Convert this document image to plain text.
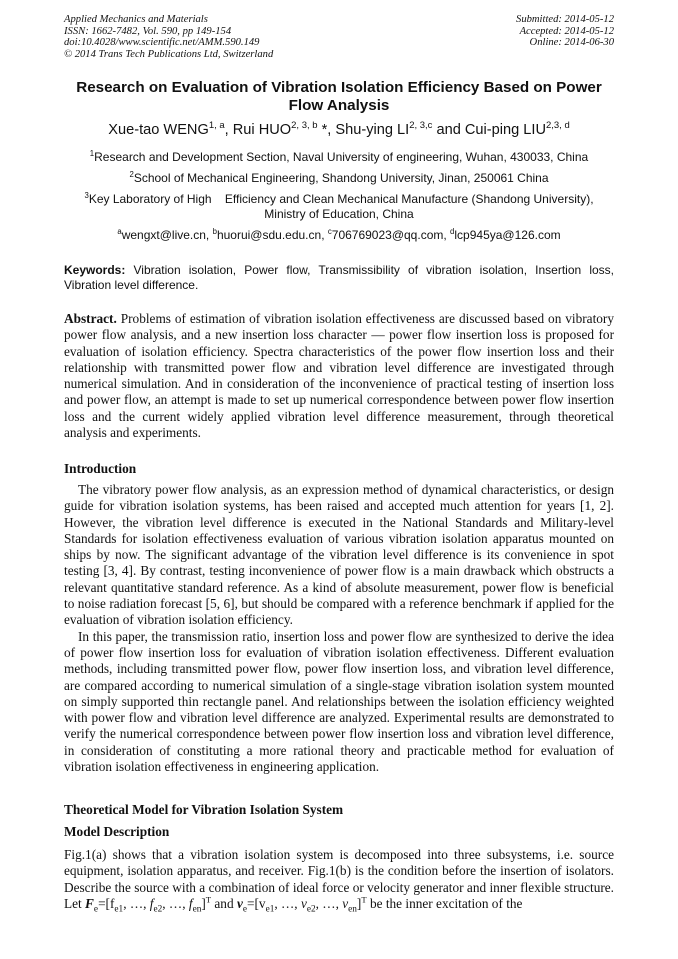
Applied Mechanics and Materials
ISSN: 1662-7482, Vol. 590, pp 149-154
doi:10.4028/www.scientific.net/AMM.590.149
© 2014 Trans Tech Publications Ltd, Switzerland
Submitted: 2014-05-12
Accepted: 2014-05-12
Online: 2014-06-30
Research on Evaluation of Vibration Isolation Efficiency Based on Power Flow Analysis
Xue-tao WENG$^{1, a}$, Rui HUO$^{2, 3, b}$ *, Shu-ying LI$^{2, 3,c}$ and Cui-ping LIU$^{2,3, d}$
$^1$Research and Development Section, Naval University of engineering, Wuhan, 430033, China
$^2$School of Mechanical Engineering, Shandong University, Jinan, 250061 China
$^3$Key Laboratory of High    Efficiency and Clean Mechanical Manufacture (Shandong University), Ministry of Education, China
$^a$wengxt@live.cn, $^b$huorui@sdu.edu.cn, $^c$706769023@qq.com, $^d$lcp945ya@126.com
Keywords: Vibration isolation, Power flow, Transmissibility of vibration isolation, Insertion loss, Vibration level difference.
Abstract. Problems of estimation of vibration isolation effectiveness are discussed based on vibratory power flow analysis, and a new insertion loss character — power flow insertion loss is proposed for evaluation of isolation efficiency. Spectra characteristics of the power flow insertion loss and their relationship with transmitted power flow and vibration level difference are investigated through numerical simulation. And in consideration of the inconvenience of practical testing of insertion loss and power flow, an attempt is made to set up numerical correspondence between power flow insertion loss and the current widely applied vibration level difference measurement, through theoretical analysis and experiments.
Introduction

The vibratory power flow analysis, as an expression method of dynamical characteristics, or design guide for vibration isolation systems, has been raised and accepted much attention for years [1, 2]. However, the vibration level difference is executed in the National Standards and Military-level Standards for isolation effectiveness evaluation of various vibration isolation apparatus mounted on ships by now. The significant advantage of the vibration level difference is its convenience in spot testing [3, 4]. By contrast, testing inconvenience of power flow is a main drawback which obstructs a relevant quantitative standard reference. As a kind of absolute measurement, power flow is beneficial to noise radiation forecast [5, 6], but should be compared with a reference benchmark if applied for the evaluation of vibration isolation efficiency.

In this paper, the transmission ratio, insertion loss and power flow are synthesized to derive the idea of power flow insertion loss for evaluation of vibration isolation effectiveness. Different evaluation methods, including transmitted power flow, power flow insertion loss, and vibration level difference, are compared according to numerical simulation of a single-stage vibration isolation system mounted on simply supported thin rectangle panel. And relationships between the isolation efficiency weighted with power flow and vibration level difference are analyzed. Experimental results are demonstrated to verify the numerical correspondence between power flow insertion loss and vibration level difference, in consideration of constituting a more rational theory and practicable method for evaluation of vibration isolation effectiveness in engineering application.

Theoretical Model for Vibration Isolation System
Model Description
Fig.1(a) shows that a vibration isolation system is decomposed into three subsystems, i.e. source equipment, isolation apparatus, and receiver. Fig.1(b) is the condition before the insertion of isolators. Describe the source with a combination of ideal force or velocity generator and inner flexible structure. Let $F_e=[f_{e1}$, …, $f_{e2}$, …, $f_{en}]^T$ and $v_e=[v_{e1}$, …, $v_{e2}$, …, $v_{en}]^T$ be the inner excitation of the
